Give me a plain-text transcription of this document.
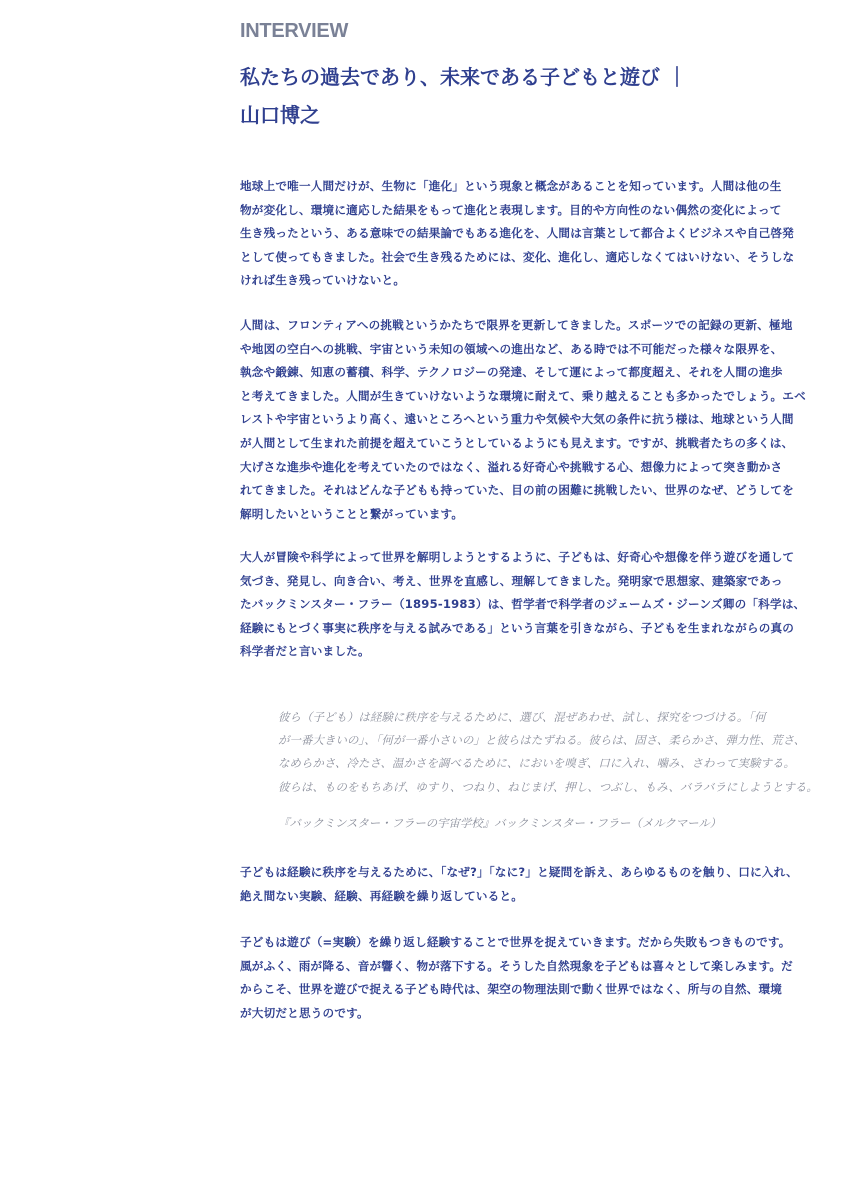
INTERVIEW
私たちの過去であり、未来である子どもと遊び ｜
山口博之
地球上で唯一人間だけが、生物に「進化」という現象と概念があることを知っています。人間は他の生
物が変化し、環境に適応した結果をもって進化と表現します。目的や方向性のない偶然の変化によって
生き残ったという、ある意味での結果論でもある進化を、人間は言葉として都合よくビジネスや自己啓発
として使ってもきました。社会で生き残るためには、変化、進化し、適応しなくてはいけない、そうしな
ければ生き残っていけないと。
人間は、フロンティアへの挑戦というかたちで限界を更新してきました。スポーツでの記録の更新、極地
や地図の空白への挑戦、宇宙という未知の領域への進出など、ある時では不可能だった様々な限界を、
執念や鍛錬、知恵の蓄積、科学、テクノロジーの発達、そして運によって都度超え、それを人間の進歩
と考えてきました。人間が生きていけないような環境に耐えて、乗り越えることも多かったでしょう。エベ
レストや宇宙というより高く、遠いところへという重力や気候や大気の条件に抗う様は、地球という人間
が人間として生まれた前提を超えていこうとしているようにも見えます。ですが、挑戦者たちの多くは、
大げさな進歩や進化を考えていたのではなく、溢れる好奇心や挑戦する心、想像力によって突き動かさ
れてきました。それはどんな子どもも持っていた、目の前の困難に挑戦したい、世界のなぜ、どうしてを
解明したいということと繋がっています。
大人が冒険や科学によって世界を解明しようとするように、子どもは、好奇心や想像を伴う遊びを通して
気づき、発見し、向き合い、考え、世界を直感し、理解してきました。発明家で思想家、建築家であっ
たバックミンスター・フラー（1895-1983）は、哲学者で科学者のジェームズ・ジーンズ卿の「科学は、
経験にもとづく事実に秩序を与える試みである」という言葉を引きながら、子どもを生まれながらの真の
科学者だと言いました。
彼ら（子ども）は経験に秩序を与えるために、選び、混ぜあわせ、試し、探究をつづける。「何
が一番大きいの」、「何が一番小さいの」と彼らはたずねる。彼らは、固さ、柔らかさ、弾力性、荒さ、
なめらかさ、冷たさ、温かさを調べるために、においを嗅ぎ、口に入れ、噛み、さわって実験する。
彼らは、ものをもちあげ、ゆすり、つねり、ねじまげ、押し、つぶし、もみ、バラバラにしようとする。
『バックミンスター・フラーの宇宙学校』バックミンスター・フラー（メルクマール）
子どもは経験に秩序を与えるために、「なぜ?」「なに?」と疑問を訴え、あらゆるものを触り、口に入れ、
絶え間ない実験、経験、再経験を繰り返していると。
子どもは遊び（=実験）を繰り返し経験することで世界を捉えていきます。だから失敗もつきものです。
風がふく、雨が降る、音が響く、物が落下する。そうした自然現象を子どもは喜々として楽しみます。だ
からこそ、世界を遊びで捉える子ども時代は、架空の物理法則で動く世界ではなく、所与の自然、環境
が大切だと思うのです。
